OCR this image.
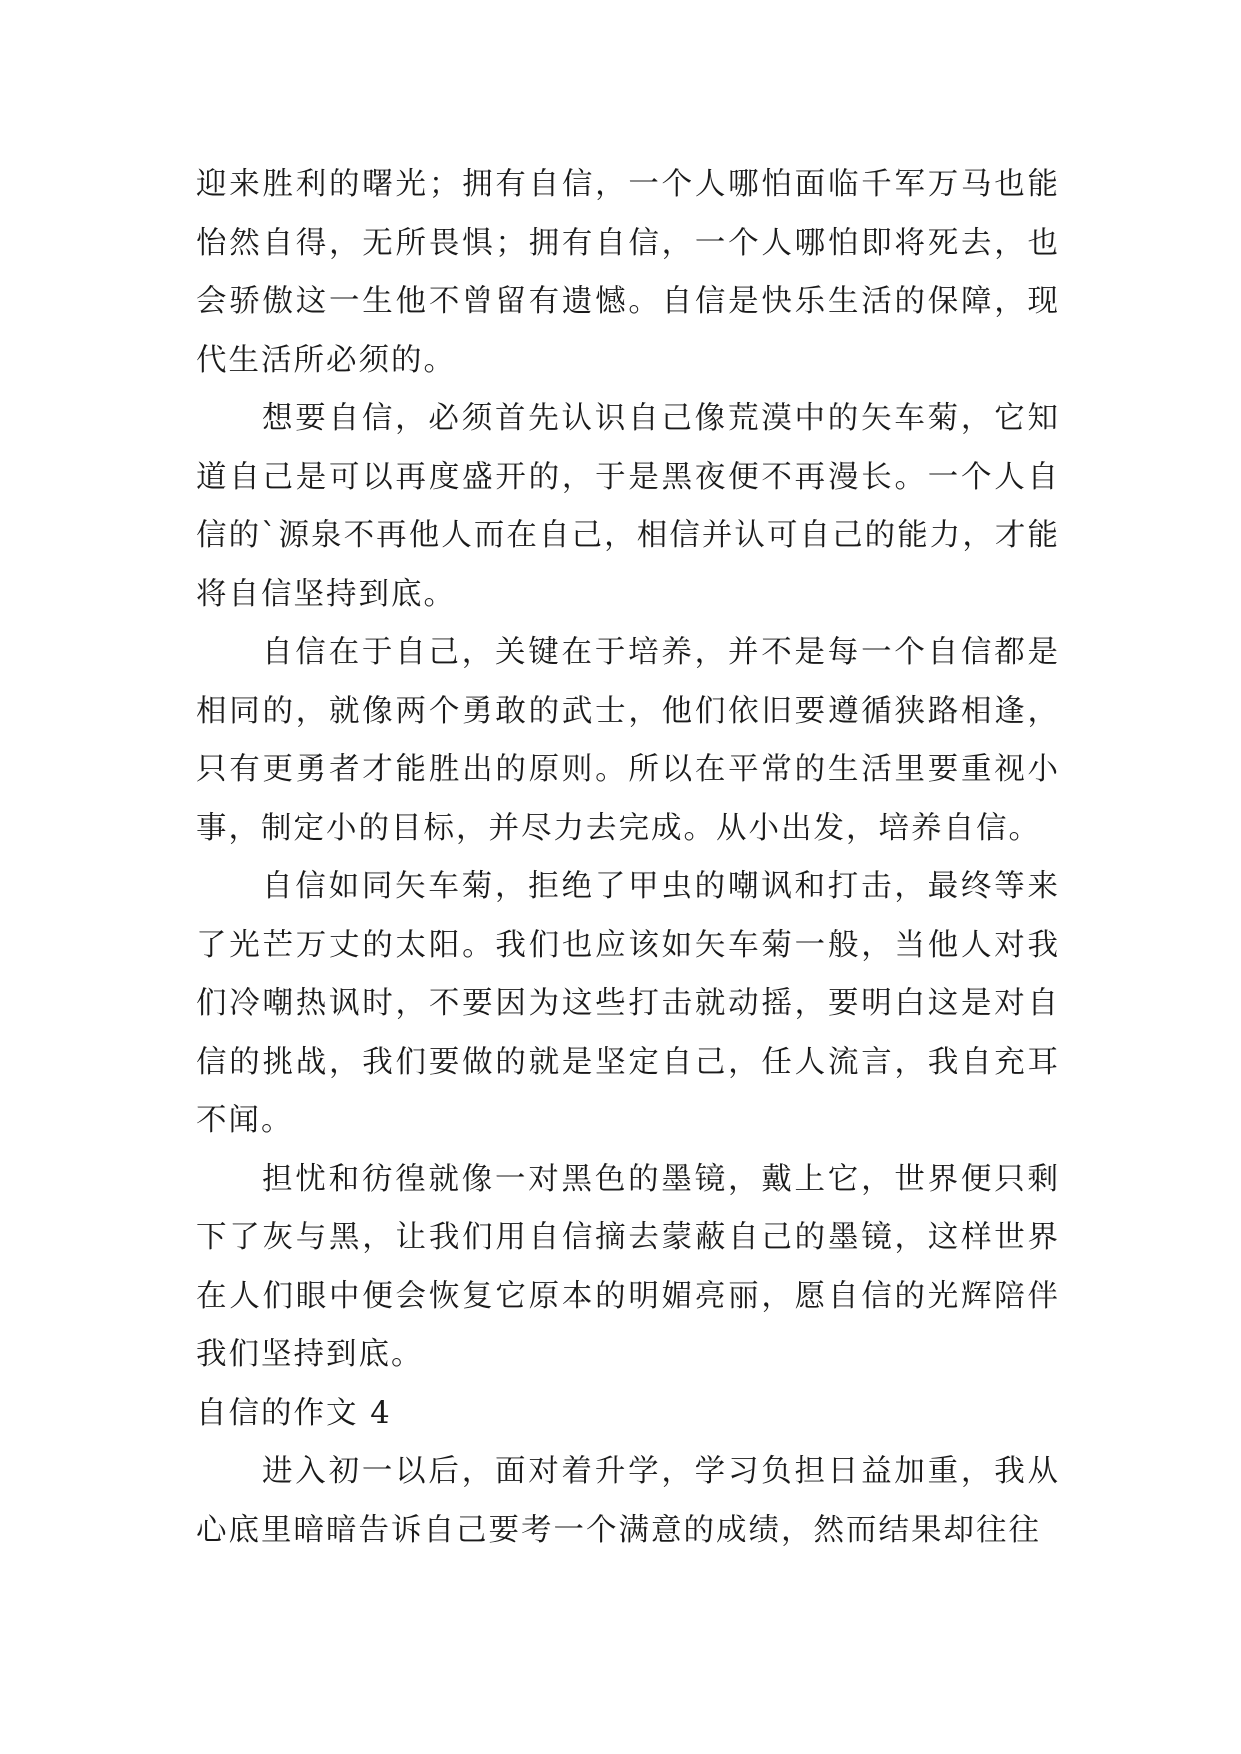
迎来胜利的曙光；拥有自信，一个人哪怕面临千军万马也能怡然自得，无所畏惧；拥有自信，一个人哪怕即将死去，也会骄傲这一生他不曾留有遗憾。自信是快乐生活的保障，现代生活所必须的。

想要自信，必须首先认识自己像荒漠中的矢车菊，它知道自己是可以再度盛开的，于是黑夜便不再漫长。一个人自信的`源泉不再他人而在自己，相信并认可自己的能力，才能将自信坚持到底。

自信在于自己，关键在于培养，并不是每一个自信都是相同的，就像两个勇敢的武士，他们依旧要遵循狭路相逢，只有更勇者才能胜出的原则。所以在平常的生活里要重视小事，制定小的目标，并尽力去完成。从小出发，培养自信。

自信如同矢车菊，拒绝了甲虫的嘲讽和打击，最终等来了光芒万丈的太阳。我们也应该如矢车菊一般，当他人对我们冷嘲热讽时，不要因为这些打击就动摇，要明白这是对自信的挑战，我们要做的就是坚定自己，任人流言，我自充耳不闻。

担忧和彷徨就像一对黑色的墨镜，戴上它，世界便只剩下了灰与黑，让我们用自信摘去蒙蔽自己的墨镜，这样世界在人们眼中便会恢复它原本的明媚亮丽，愿自信的光辉陪伴我们坚持到底。

自信的作文 4

进入初一以后，面对着升学，学习负担日益加重，我从心底里暗暗告诉自己要考一个满意的成绩，然而结果却往往
